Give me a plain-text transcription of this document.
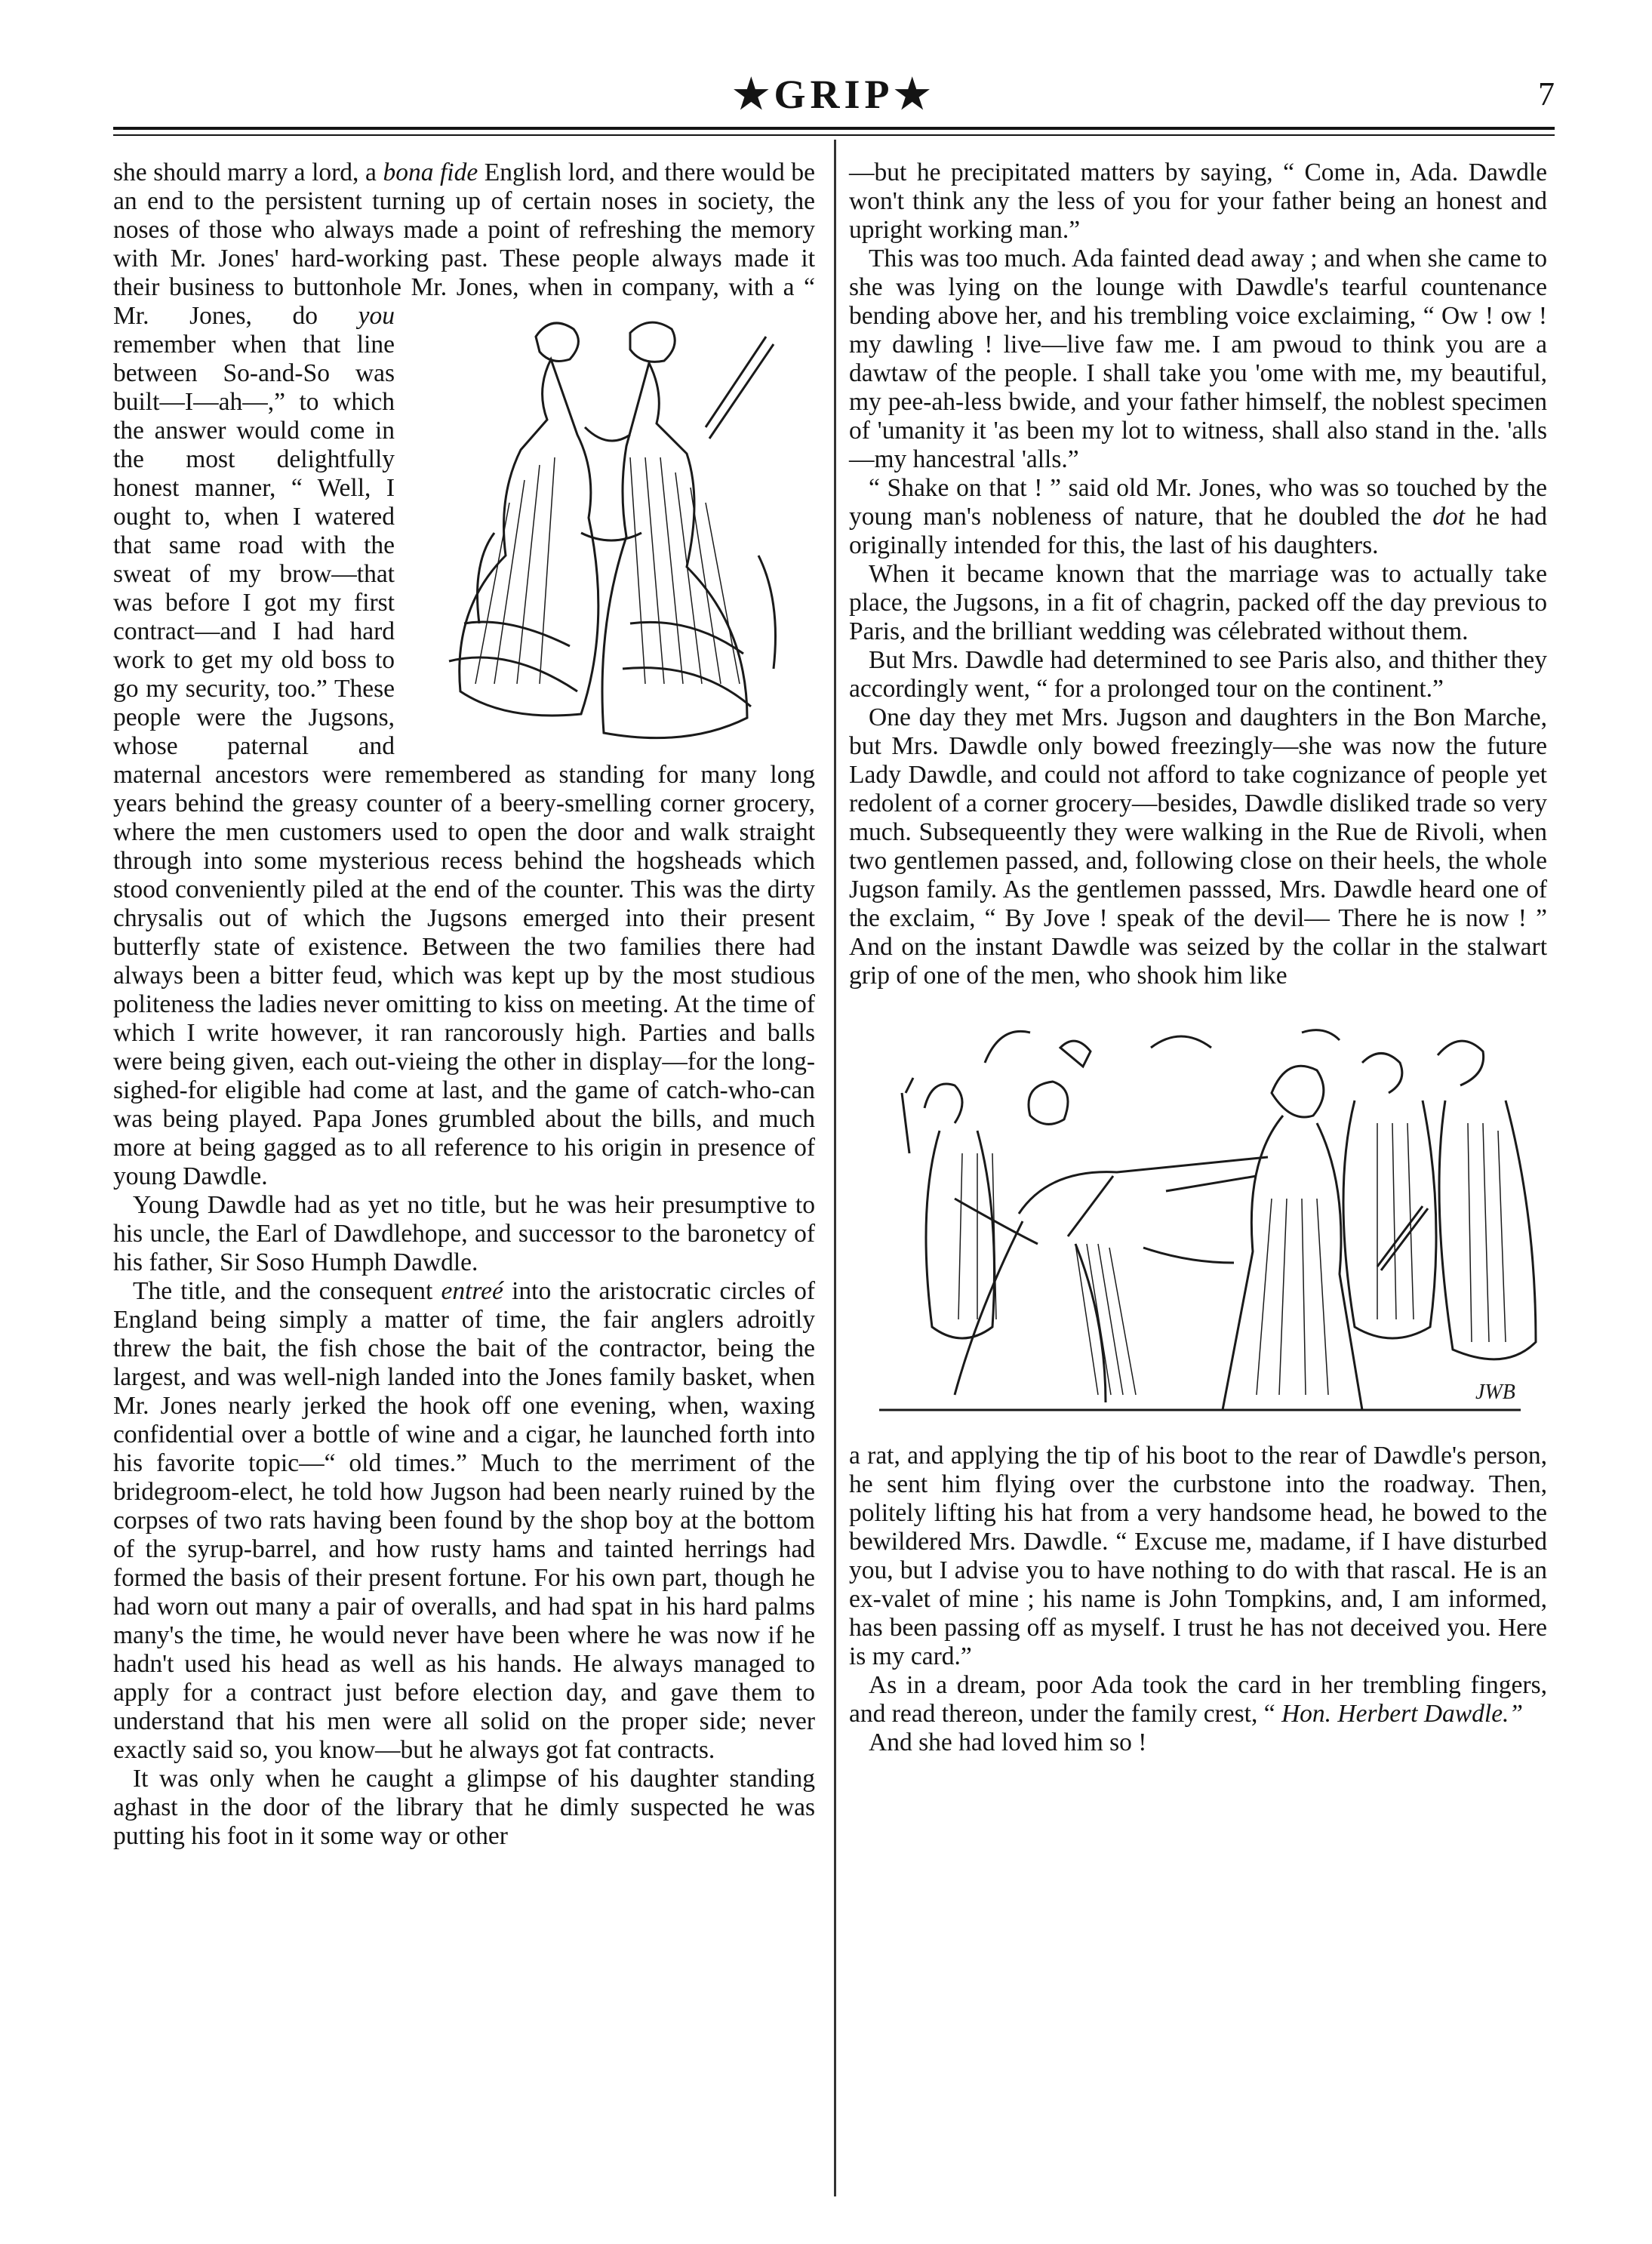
★GRIP★	7

she should marry a lord, a bona fide English lord, and there would be an end to the persistent turning up of certain noses in society, the noses of those who always made a point of refreshing the memory with Mr. Jones' hard-working past. These people always made it their business to buttonhole Mr. Jones, when in company, with a “ Mr. Jones, do you
remember when that line between So-and-So was built—I—ah—,” to which the answer would come in the most delightfully honest manner, “ Well, I ought to, when I watered that same road with the sweat of my brow—that was before I got my first contract—and I had hard work to get my old boss to go my security, too.” These people were the Jugsons, whose paternal and maternal ancestors were remembered as standing for many long years behind the greasy counter of a beery-smelling corner grocery, where the men customers used to open the door and walk straight through into some mysterious recess behind the hogsheads which stood conveniently piled at the end of the counter. This was the dirty chrysalis out of which the Jugsons emerged into their present butterfly state of existence. Between the two families there had always been a bitter feud, which was kept up by the most studious politeness the ladies never omitting to kiss on meeting. At the time of which I write however, it ran rancorously high. Parties and balls were being given, each out-vieing the other in display—for the long-sighed-for eligible had come at last, and the game of catch-who-can was being played. Papa Jones grumbled about the bills, and much more at being gagged as to all reference to his origin in presence of young Dawdle.

Young Dawdle had as yet no title, but he was heir presumptive to his uncle, the Earl of Dawdlehope, and successor to the baronetcy of his father, Sir Soso Humph Dawdle.

The title, and the consequent entreé into the aristocratic circles of England being simply a matter of time, the fair anglers adroitly threw the bait, the fish chose the bait of the contractor, being the largest, and was well-nigh landed into the Jones family basket, when Mr. Jones nearly jerked the hook off one evening, when, waxing confidential over a bottle of wine and a cigar, he launched forth into his favorite topic—“ old times.” Much to the merriment of the bridegroom-elect, he told how Jugson had been nearly ruined by the corpses of two rats having been found by the shop boy at the bottom of the syrup-barrel, and how rusty hams and tainted herrings had formed the basis of their present fortune. For his own part, though he had worn out many a pair of overalls, and had spat in his hard palms many's the time, he would never have been where he was now if he hadn't used his head as well as his hands. He always managed to apply for a contract just before election day, and gave them to understand that his men were all solid on the proper side; never exactly said so, you know—but he always got fat contracts.

It was only when he caught a glimpse of his daughter standing aghast in the door of the library that he dimly suspected he was putting his foot in it some way or other

—but he precipitated matters by saying, “ Come in, Ada. Dawdle won't think any the less of you for your father being an honest and upright working man.”

This was too much. Ada fainted dead away ; and when she came to she was lying on the lounge with Dawdle's tearful countenance bending above her, and his trembling voice exclaiming, “ Ow ! ow ! my dawling ! live—live faw me. I am pwoud to think you are a dawtaw of the people. I shall take you 'ome with me, my beautiful, my pee-ah-less bwide, and your father himself, the noblest specimen of 'umanity it 'as been my lot to witness, shall also stand in the. 'alls—my hancestral 'alls.”

“ Shake on that ! ” said old Mr. Jones, who was so touched by the young man's nobleness of nature, that he doubled the dot he had originally intended for this, the last of his daughters.

When it became known that the marriage was to actually take place, the Jugsons, in a fit of chagrin, packed off the day previous to Paris, and the brilliant wedding was célebrated without them.

But Mrs. Dawdle had determined to see Paris also, and thither they accordingly went, “ for a prolonged tour on the continent.”

One day they met Mrs. Jugson and daughters in the Bon Marche, but Mrs. Dawdle only bowed freezingly—she was now the future Lady Dawdle, and could not afford to take cognizance of people yet redolent of a corner grocery—besides, Dawdle disliked trade so very much. Subsequeently they were walking in the Rue de Rivoli, when two gentlemen passed, and, following close on their heels, the whole Jugson family. As the gentlemen passsed, Mrs. Dawdle heard one of the exclaim, “ By Jove ! speak of the devil— There he is now ! ” And on the instant Dawdle was seized by the collar in the stalwart grip of one of the men, who shook him like

JWB

a rat, and applying the tip of his boot to the rear of Dawdle's person, he sent him flying over the curbstone into the roadway. Then, politely lifting his hat from a very handsome head, he bowed to the bewildered Mrs. Dawdle. “ Excuse me, madame, if I have disturbed you, but I advise you to have nothing to do with that rascal. He is an ex-valet of mine ; his name is John Tompkins, and, I am informed, has been passing off as myself. I trust he has not deceived you. Here is my card.”

As in a dream, poor Ada took the card in her trembling fingers, and read thereon, under the family crest, “ Hon. Herbert Dawdle.”

And she had loved him so !
